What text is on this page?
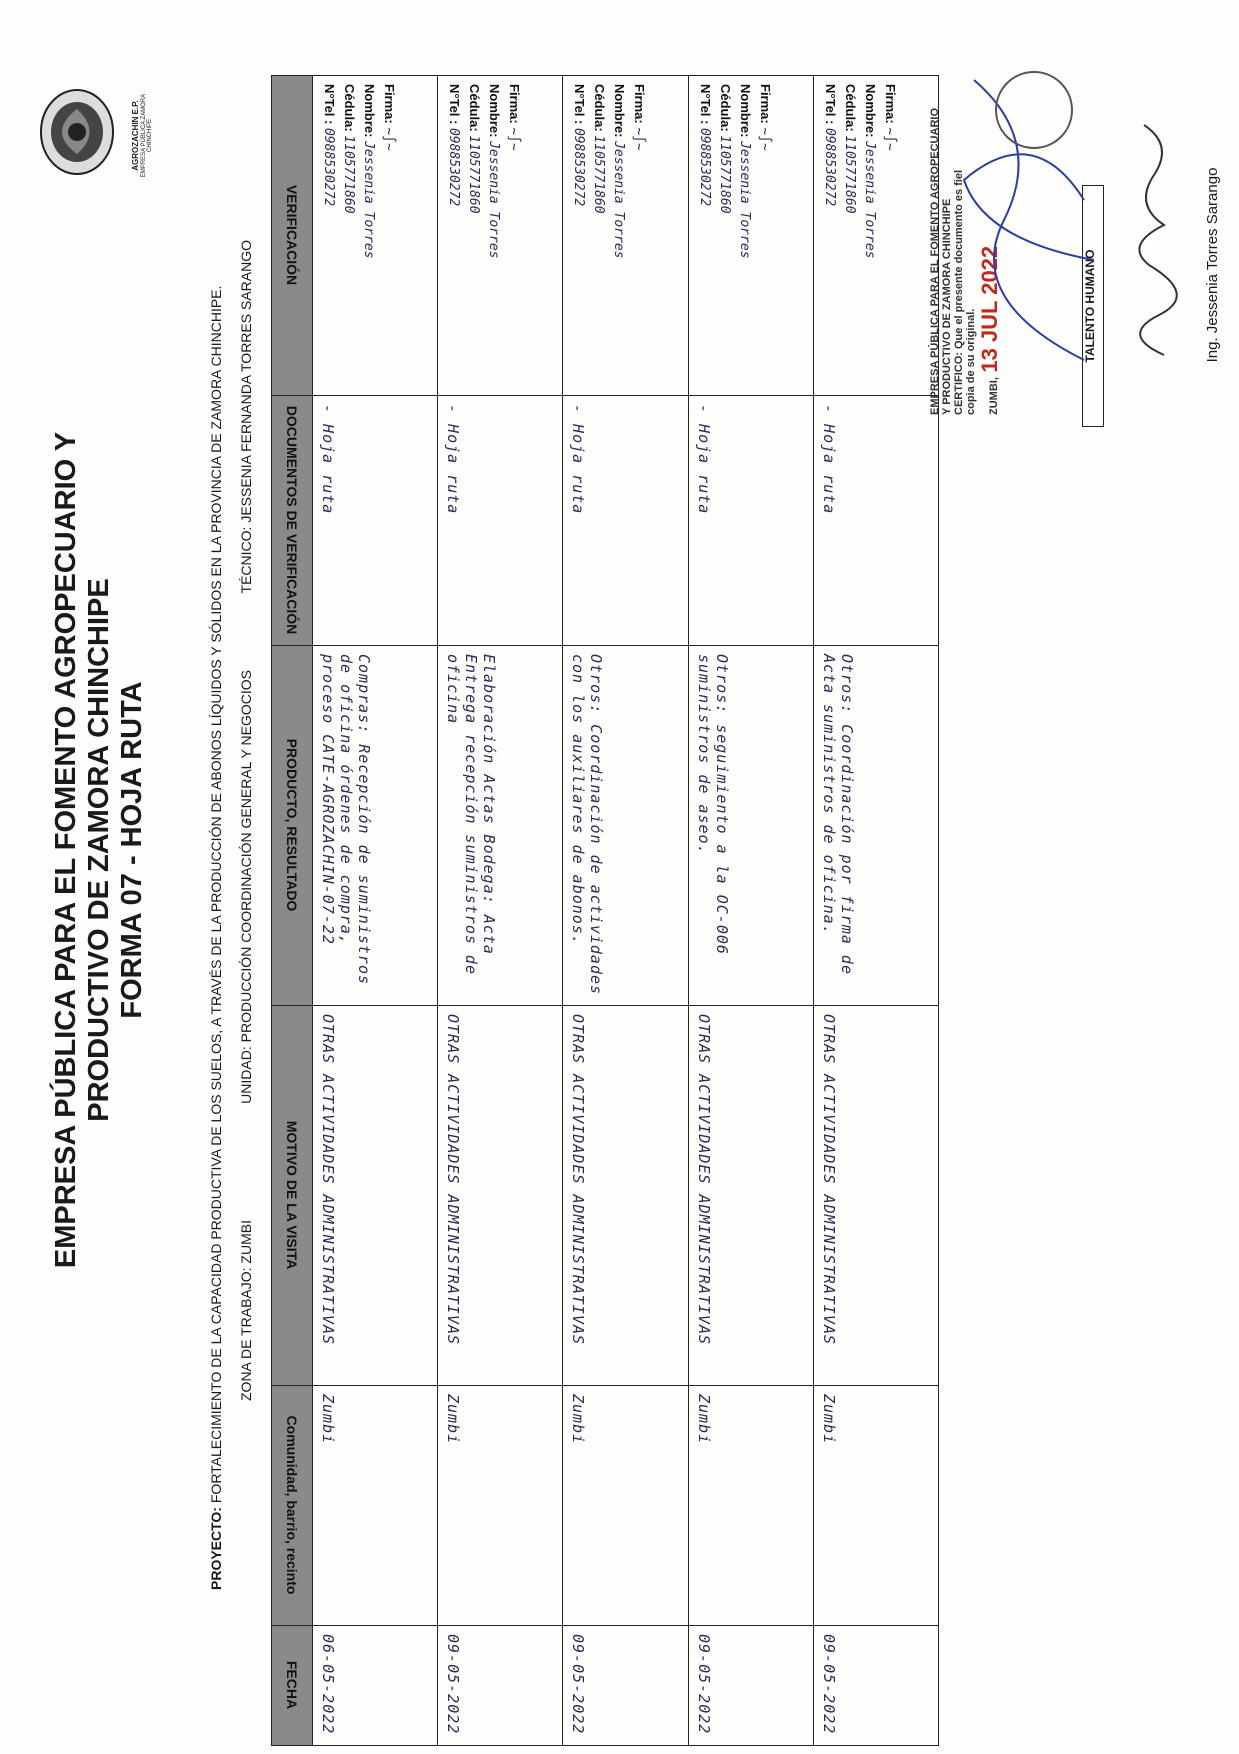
AGROZACHIN E.P. EMPRESA PÚBLICA ZAMORA CHINCHIPE
EMPRESA PÚBLICA PARA EL FOMENTO AGROPECUARIO Y PRODUCTIVO DE ZAMORA CHINCHIPE FORMA 07 - HOJA RUTA
PROYECTO: FORTALECIMIENTO DE LA CAPACIDAD PRODUCTIVA DE LOS SUELOS, A TRAVÉS DE LA PRODUCCIÓN DE ABONOS LÍQUIDOS Y SÓLIDOS EN LA PROVINCIA DE ZAMORA CHINCHIPE. TÉCNICO: JESSENIA FERNANDA TORRES SARANGO
UNIDAD: PRODUCCIÓN COORDINACIÓN GENERAL Y NEGOCIOS
ZONA DE TRABAJO: ZUMBI
FECHA	Comunidad, barrio, recinto	MOTIVO DE LA VISITA	PRODUCTO, RESULTADO	DOCUMENTOS DE VERIFICACIÓN	VERIFICACIÓN

06-05-2022	Zumbi	OTRAS ACTIVIDADES ADMINISTRATIVAS	Compras: Recepción de suministros de oficina órdenes de compra, proceso CATE-AGROZACHIN-07-22	- Hoja ruta	Firma: ~∫~
Nombre: Jessenia Torres
Cédula: 1105771860
N°Tel : 0988530272

09-05-2022	Zumbi	OTRAS ACTIVIDADES ADMINISTRATIVAS	Elaboración Actas Bodega: Acta Entrega recepción suministros de oficina	- Hoja ruta	Firma: ~∫~
Nombre: Jessenia Torres
Cédula: 1105771860
N°Tel : 0988530272

09-05-2022	Zumbi	OTRAS ACTIVIDADES ADMINISTRATIVAS	Otros: Coordinación de actividades con los auxiliares de abonos.	- Hoja ruta	Firma: ~∫~
Nombre: Jessenia Torres
Cédula: 1105771860
N°Tel : 0988530272

09-05-2022	Zumbi	OTRAS ACTIVIDADES ADMINISTRATIVAS	Otros: seguimiento a la OC-006 suministros de aseo.	- Hoja ruta	Firma: ~∫~
Nombre: Jessenia Torres
Cédula: 1105771860
N°Tel : 0988530272

09-05-2022	Zumbi	OTRAS ACTIVIDADES ADMINISTRATIVAS	Otros: Coordinación por firma de Acta suministros de oficina.	- Hoja ruta	Firma: ~∫~
Nombre: Jessenia Torres
Cédula: 1105771860
N°Tel : 0988530272
TALENTO HUMANO
EMPRESA PÚBLICA PARA EL FOMENTO AGROPECUARIO Y PRODUCTIVO DE ZAMORA CHINCHIPE CERTIFICO: Que el presente documento es fiel copia de su original.	ZUMBI, 13 JUL 2022	Ing. Jessenia Torres Sarango
